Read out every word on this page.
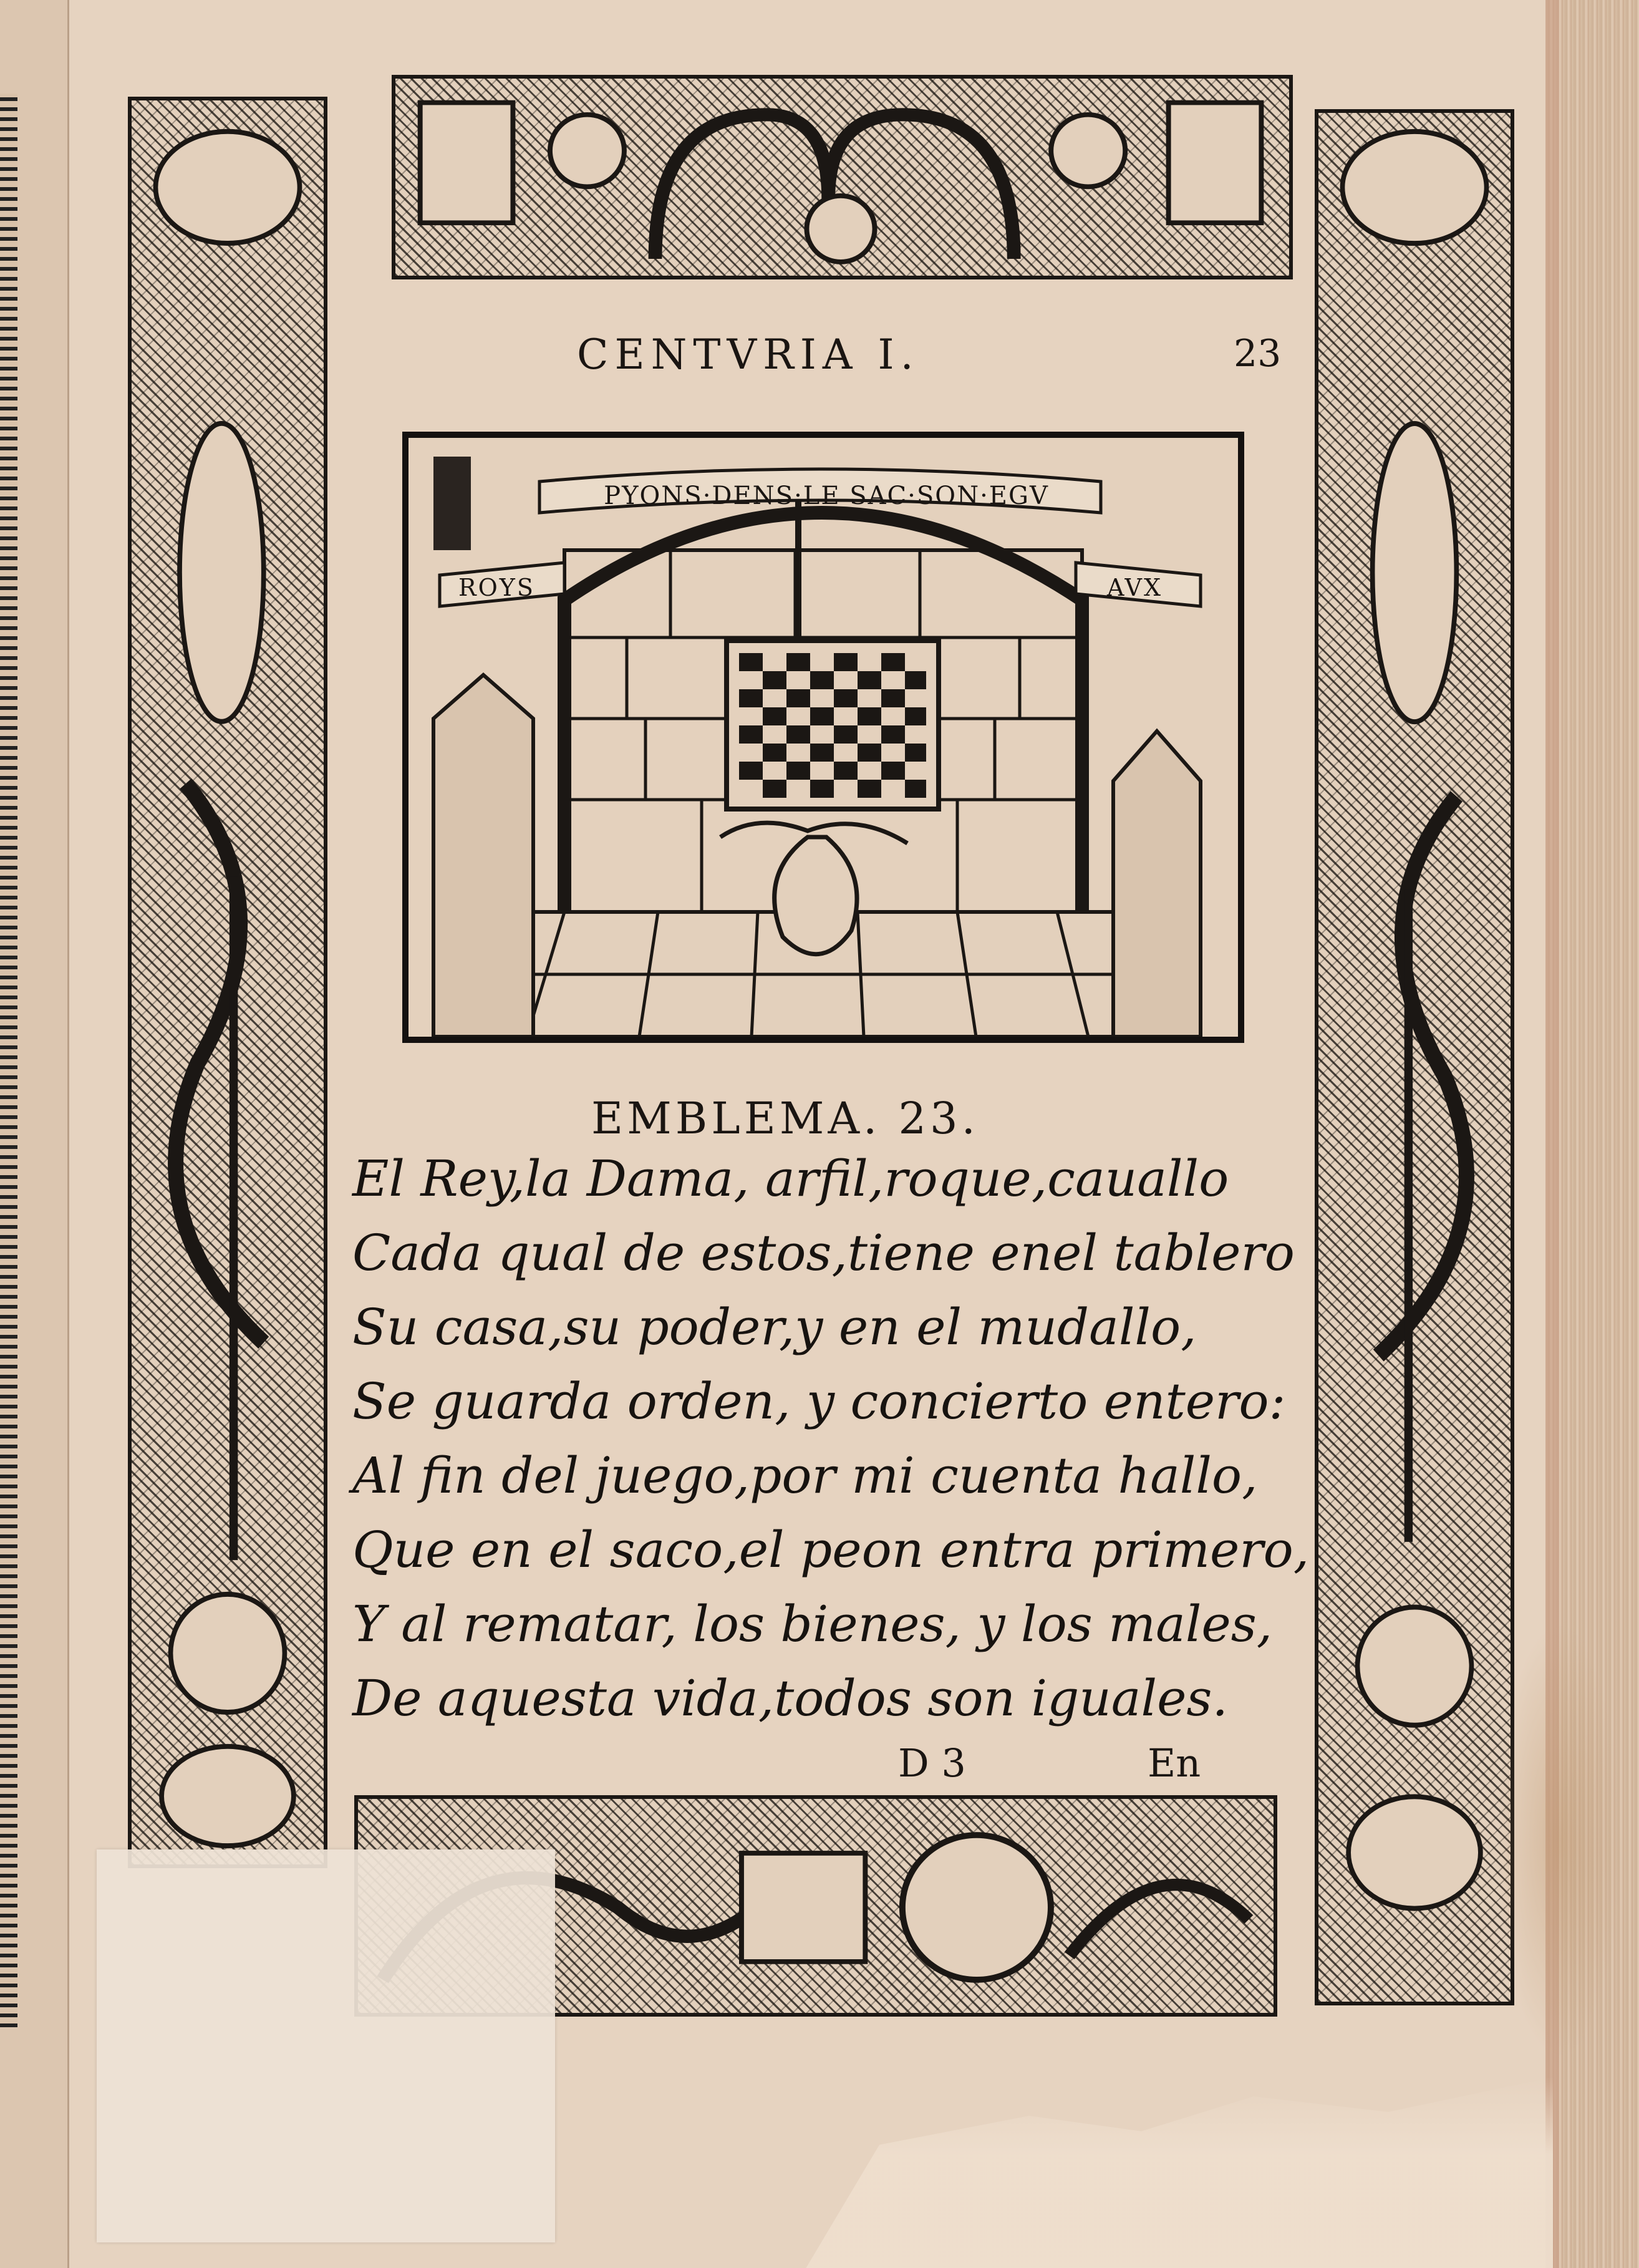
CENTVRIA I.	23
PYONS·DENS·LE SAC·SON·EGV
ROYS	AVX
EMBLEMA. 23.
El Rey,la Dama, arfil,roque,cauallo
Cada qual de estos,tiene enel tablero
Su casa,su poder,y en el mudallo,
Se guarda orden, y concierto entero:
Al fin del juego,por mi cuenta hallo,
Que en el saco,el peon entra primero,
Y al rematar, los bienes, y los males,
De aquesta vida,todos son iguales.
D 3	En
